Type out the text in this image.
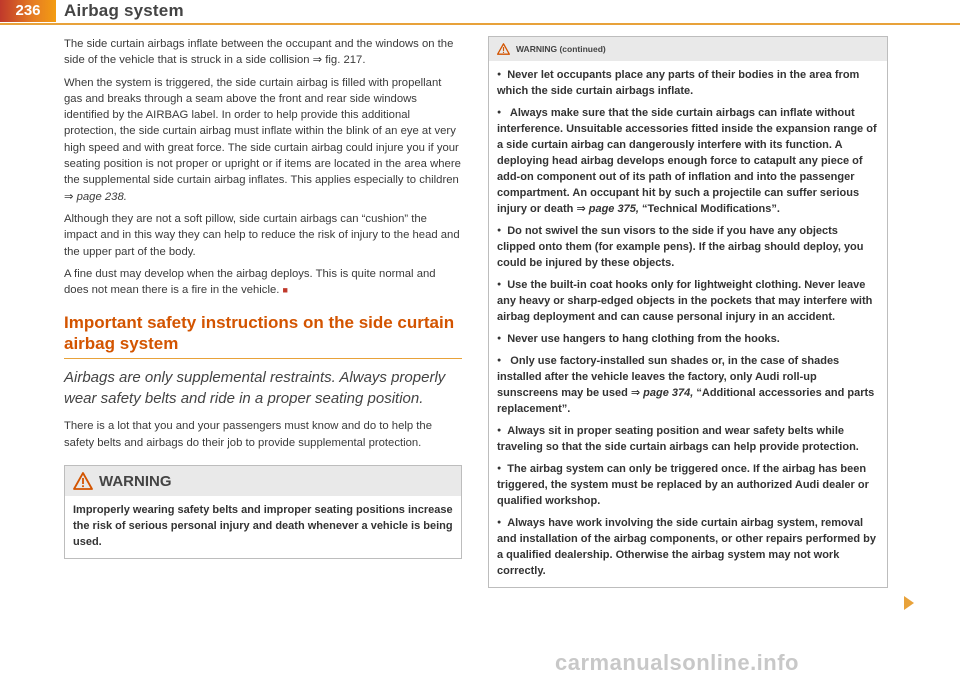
236	Airbag system

The side curtain airbags inflate between the occupant and the windows on the side of the vehicle that is struck in a side collision ⇒ fig. 217.

When the system is triggered, the side curtain airbag is filled with propellant gas and breaks through a seam above the front and rear side windows identified by the AIRBAG label. In order to help provide this additional protection, the side curtain airbag must inflate within the blink of an eye at very high speed and with great force. The side curtain airbag could injure you if your seating position is not proper or upright or if items are located in the area where the supplemental side curtain airbag inflates. This applies especially to children ⇒ page 238.

Although they are not a soft pillow, side curtain airbags can “cushion” the impact and in this way they can help to reduce the risk of injury to the head and the upper part of the body.

A fine dust may develop when the airbag deploys. This is quite normal and does not mean there is a fire in the vehicle. ■

Important safety instructions on the side curtain airbag system
Airbags are only supplemental restraints. Always properly wear safety belts and ride in a proper seating position.

There is a lot that you and your passengers must know and do to help the safety belts and airbags do their job to provide supplemental protection.

WARNING
Improperly wearing safety belts and improper seating positions increase the risk of serious personal injury and death whenever a vehicle is being used.
WARNING (continued)

● Never let occupants place any parts of their bodies in the area from which the side curtain airbags inflate.

● Always make sure that the side curtain airbags can inflate without interference. Unsuitable accessories fitted inside the expansion range of a side curtain airbag can dangerously interfere with its function. A deploying head airbag develops enough force to catapult any piece of add-on component out of its path of inflation and into the passenger compartment. An occupant hit by such a projectile can suffer serious injury or death ⇒ page 375, “Technical Modifications”.

● Do not swivel the sun visors to the side if you have any objects clipped onto them (for example pens). If the airbag should deploy, you could be injured by these objects.

● Use the built-in coat hooks only for lightweight clothing. Never leave any heavy or sharp-edged objects in the pockets that may interfere with airbag deployment and can cause personal injury in an accident.

● Never use hangers to hang clothing from the hooks.

● Only use factory-installed sun shades or, in the case of shades installed after the vehicle leaves the factory, only Audi roll-up sunscreens may be used ⇒ page 374, “Additional accessories and parts replacement”.

● Always sit in proper seating position and wear safety belts while traveling so that the side curtain airbags can help provide protection.

● The airbag system can only be triggered once. If the airbag has been triggered, the system must be replaced by an authorized Audi dealer or qualified workshop.

● Always have work involving the side curtain airbag system, removal and installation of the airbag components, or other repairs performed by a qualified dealership. Otherwise the airbag system may not work correctly.

carmanualsonline.info
